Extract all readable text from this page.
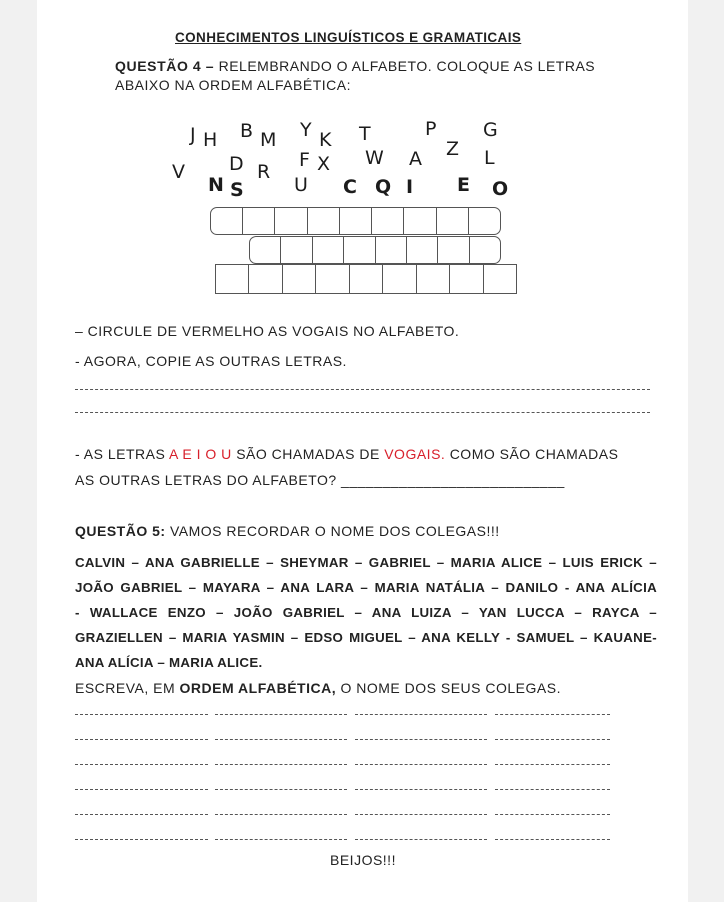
CONHECIMENTOS LINGUÍSTICOS E GRAMATICAIS
QUESTÃO 4 – RELEMBRANDO O ALFABETO. COLOQUE AS LETRAS
ABAIXO NA ORDEM ALFABÉTICA:
J H B M Y K T	P
Z
G
V D R
F X W A	L
N S	U C Q I E O
– CIRCULE DE VERMELHO AS VOGAIS NO ALFABETO.
- AGORA, COPIE AS OUTRAS LETRAS.
- AS LETRAS A E I O U SÃO CHAMADAS DE VOGAIS. COMO SÃO CHAMADAS
AS OUTRAS LETRAS DO ALFABETO? ___________________________
QUESTÃO 5: VAMOS RECORDAR O NOME DOS COLEGAS!!!
CALVIN – ANA GABRIELLE – SHEYMAR – GABRIEL – MARIA ALICE – LUIS ERICK –
JOÃO GABRIEL – MAYARA – ANA LARA – MARIA NATÁLIA – DANILO - ANA ALÍCIA
- WALLACE ENZO – JOÃO GABRIEL – ANA LUIZA – YAN LUCCA – RAYCA –
GRAZIELLEN – MARIA YASMIN – EDSO MIGUEL – ANA KELLY - SAMUEL – KAUANE-
ANA ALÍCIA – MARIA ALICE.
ESCREVA, EM ORDEM ALFABÉTICA, O NOME DOS SEUS COLEGAS.
BEIJOS!!!
